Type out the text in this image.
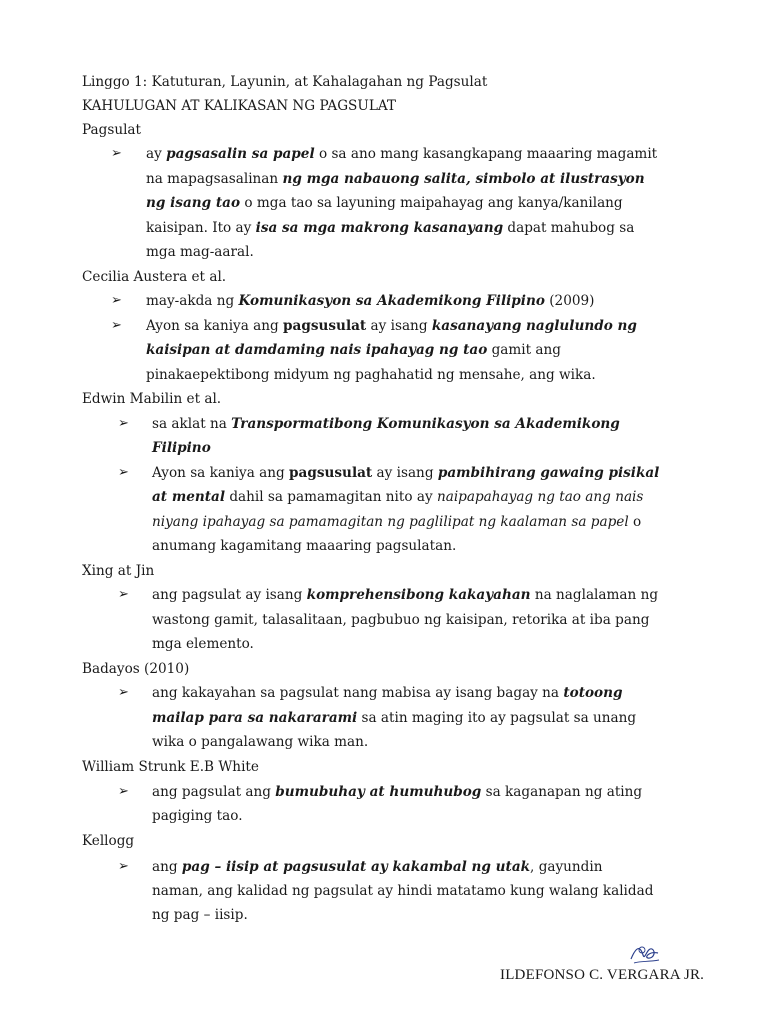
Linggo 1: Katuturan, Layunin, at Kahalagahan ng Pagsulat
KAHULUGAN AT KALIKASAN NG PAGSULAT
Pagsulat
➢ ay pagsasalin sa papel o sa ano mang kasangkapang maaaring magamit
na mapagsasalinan ng mga nabauong salita, simbolo at ilustrasyon
ng isang tao o mga tao sa layuning maipahayag ang kanya/kanilang
kaisipan. Ito ay isa sa mga makrong kasanayang dapat mahubog sa
mga mag-aaral.
Cecilia Austera et al.
➢ may-akda ng Komunikasyon sa Akademikong Filipino (2009)
➢ Ayon sa kaniya ang pagsusulat ay isang kasanayang naglulundo ng
kaisipan at damdaming nais ipahayag ng tao gamit ang
pinakaepektibong midyum ng paghahatid ng mensahe, ang wika.
Edwin Mabilin et al.
➢ sa aklat na Transpormatibong Komunikasyon sa Akademikong
Filipino
➢ Ayon sa kaniya ang pagsusulat ay isang pambihirang gawaing pisikal
at mental dahil sa pamamagitan nito ay naipapahayag ng tao ang nais
niyang ipahayag sa pamamagitan ng paglilipat ng kaalaman sa papel o
anumang kagamitang maaaring pagsulatan.
Xing at Jin
➢ ang pagsulat ay isang komprehensibong kakayahan na naglalaman ng
wastong gamit, talasalitaan, pagbubuo ng kaisipan, retorika at iba pang
mga elemento.
Badayos (2010)
➢ ang kakayahan sa pagsulat nang mabisa ay isang bagay na totoong
mailap para sa nakararami sa atin maging ito ay pagsulat sa unang
wika o pangalawang wika man.
William Strunk E.B White
➢ ang pagsulat ang bumubuhay at humuhubog sa kaganapan ng ating
pagiging tao.
Kellogg
➢ ang pag – iisip at pagsusulat ay kakambal ng utak, gayundin
naman, ang kalidad ng pagsulat ay hindi matatamo kung walang kalidad
ng pag – iisip.
ILDEFONSO C. VERGARA JR.
